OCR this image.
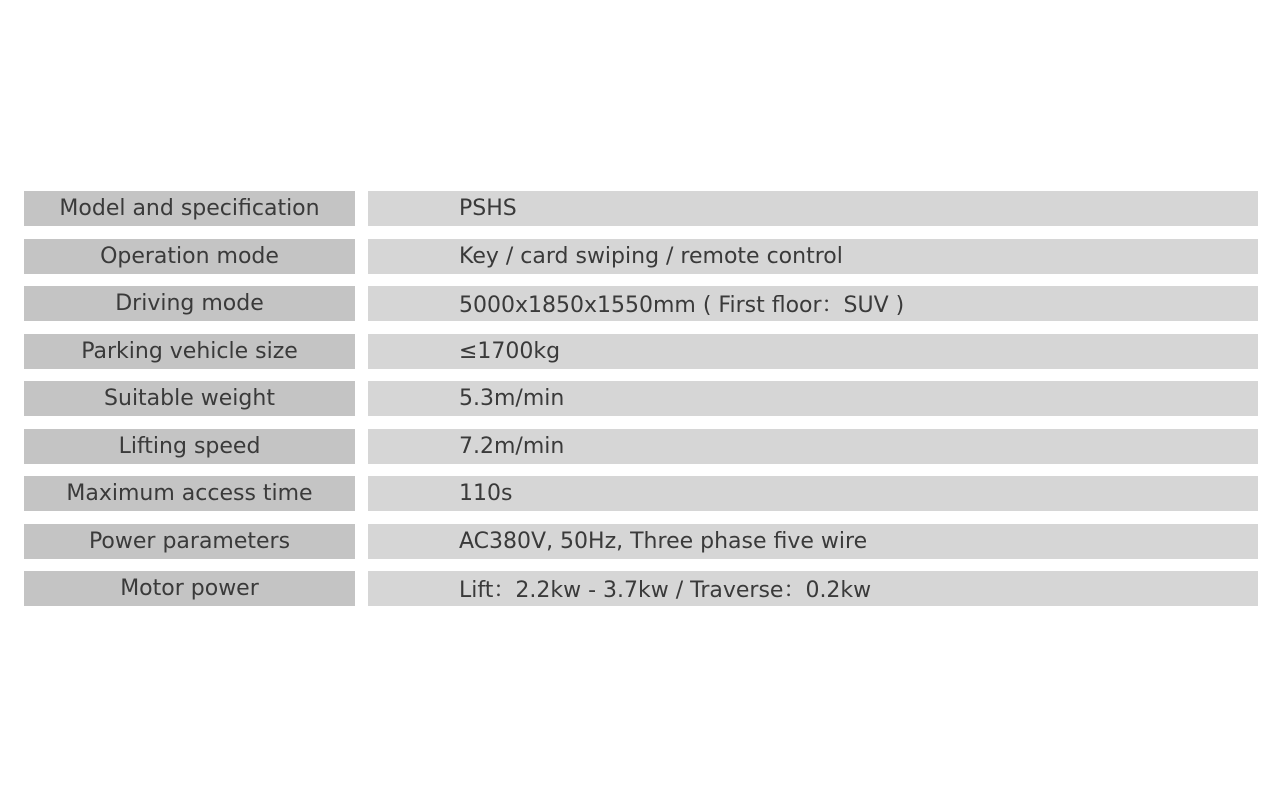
Model and specification	PSHS
Operation mode	Key / card swiping / remote control
Driving mode	5000x1850x1550mm ( First floor：SUV )
Parking vehicle size	≤1700kg
Suitable weight	5.3m/min
Lifting speed	7.2m/min
Maximum access time	110s
Power parameters	AC380V, 50Hz, Three phase five wire
Motor power	Lift：2.2kw - 3.7kw / Traverse：0.2kw
